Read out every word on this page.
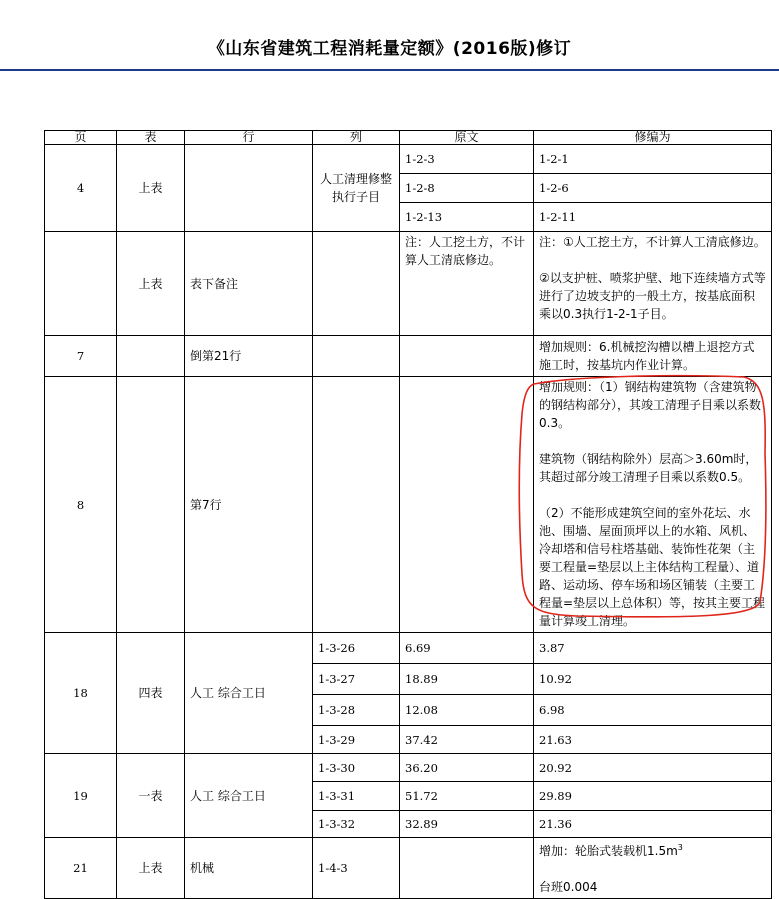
《山东省建筑工程消耗量定额》(2016版)修订
页	表	行	列	原文	修编为
4	上表		人工清理修整执行子目	1-2-3	1-2-1
				1-2-8	1-2-6
				1-2-13	1-2-11
	上表	表下备注		注：人工挖土方，不计算人工清底修边。	注：①人工挖土方，不计算人工清底修边。
②以支护桩、喷浆护壁、地下连续墙方式等进行了边坡支护的一般土方，按基底面积乘以0.3执行1-2-1子目。

7		倒第21行			增加规则：6.机械挖沟槽以槽上退挖方式施工时，按基坑内作业计算。
8		第7行			增加规则：（1）钢结构建筑物（含建筑物的钢结构部分），其竣工清理子目乘以系数0.3。
建筑物（钢结构除外）层高＞3.60m时，其超过部分竣工清理子目乘以系数0.5。
（2）不能形成建筑空间的室外花坛、水池、围墙、屋面顶坪以上的水箱、风机、冷却塔和信号柱塔基础、装饰性花架（主要工程量=垫层以上主体结构工程量）、道路、运动场、停车场和场区铺装（主要工程量=垫层以上总体积）等，按其主要工程量计算竣工清理。

18	四表	人工 综合工日	1-3-26	6.69	3.87
			1-3-27	18.89	10.92
			1-3-28	12.08	6.98
			1-3-29	37.42	21.63
19	一表	人工 综合工日	1-3-30	36.20	20.92
			1-3-31	51.72	29.89
			1-3-32	32.89	21.36
21	上表	机械	1-4-3		增加：轮胎式装载机$1.5m^3$
台班0.004
